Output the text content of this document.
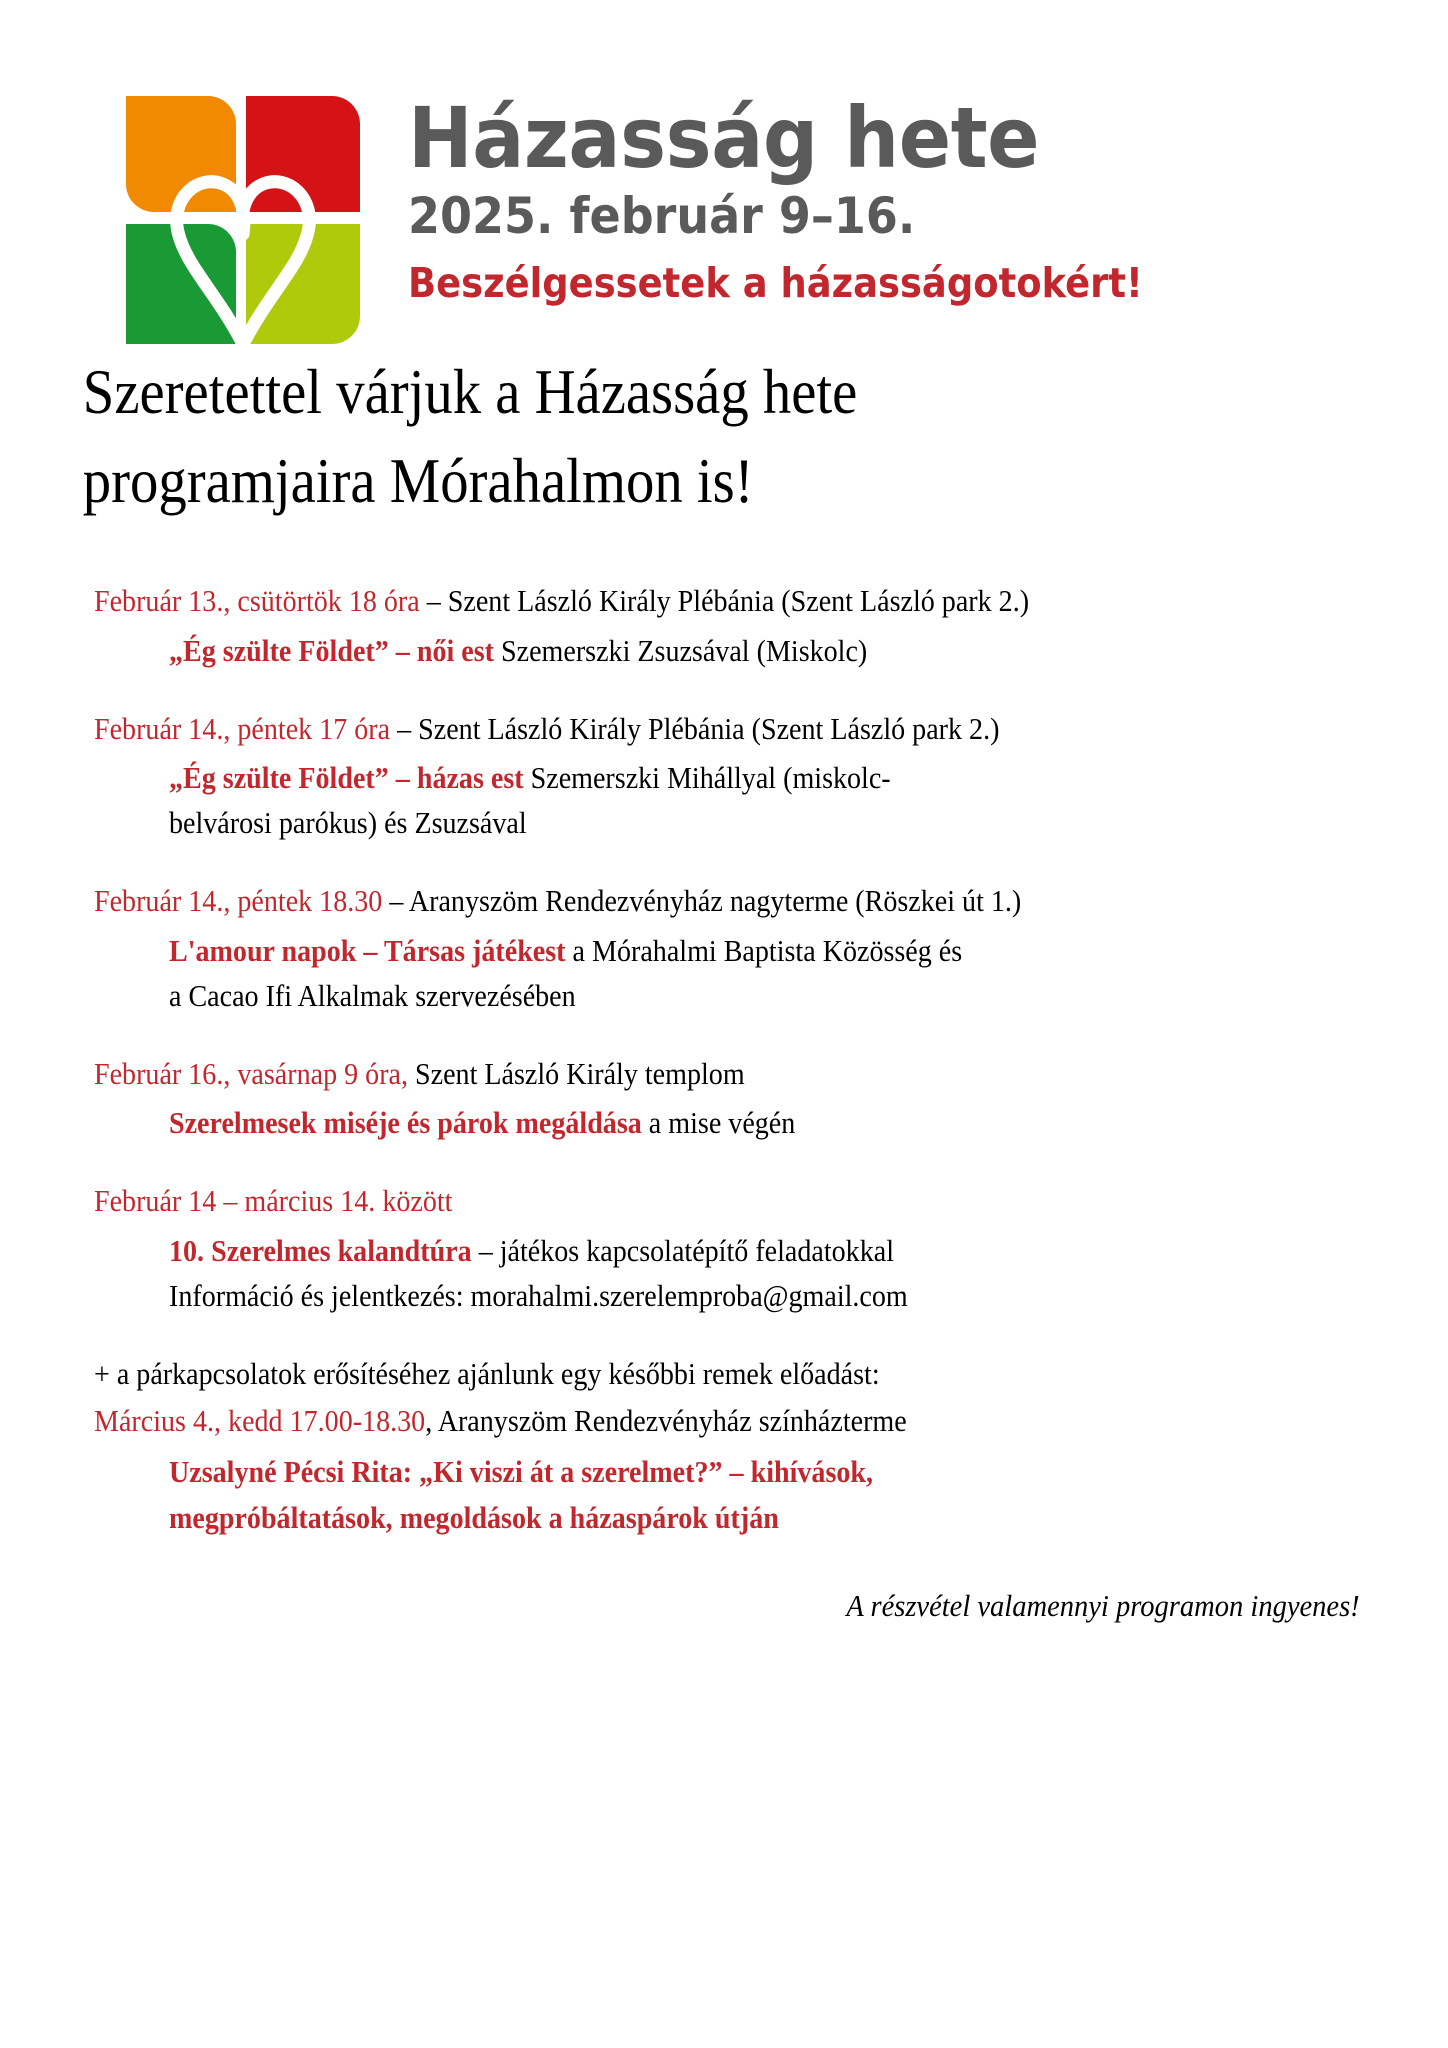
Házasság hete
2025. február 9–16.
Beszélgessetek a házasságotokért!
Szeretettel várjuk a Házasság hete
programjaira Mórahalmon is!
Február 13., csütörtök 18 óra – Szent László Király Plébánia (Szent László park 2.)
„Ég szülte Földet” – női est Szemerszki Zsuzsával (Miskolc)
Február 14., péntek 17 óra – Szent László Király Plébánia (Szent László park 2.)
„Ég szülte Földet” – házas est Szemerszki Mihállyal (miskolc-
belvárosi parókus) és Zsuzsával
Február 14., péntek 18.30 – Aranyszöm Rendezvényház nagyterme (Röszkei út 1.)
L'amour napok – Társas játékest a Mórahalmi Baptista Közösség és
a Cacao Ifi Alkalmak szervezésében
Február 16., vasárnap 9 óra, Szent László Király templom
Szerelmesek miséje és párok megáldása a mise végén
Február 14 – március 14. között
10. Szerelmes kalandtúra – játékos kapcsolatépítő feladatokkal
Információ és jelentkezés: morahalmi.szerelemproba@gmail.com
+ a párkapcsolatok erősítéséhez ajánlunk egy későbbi remek előadást:
Március 4., kedd 17.00-18.30, Aranyszöm Rendezvényház színházterme
Uzsalyné Pécsi Rita: „Ki viszi át a szerelmet?” – kihívások,
megpróbáltatások, megoldások a házaspárok útján
A részvétel valamennyi programon ingyenes!
